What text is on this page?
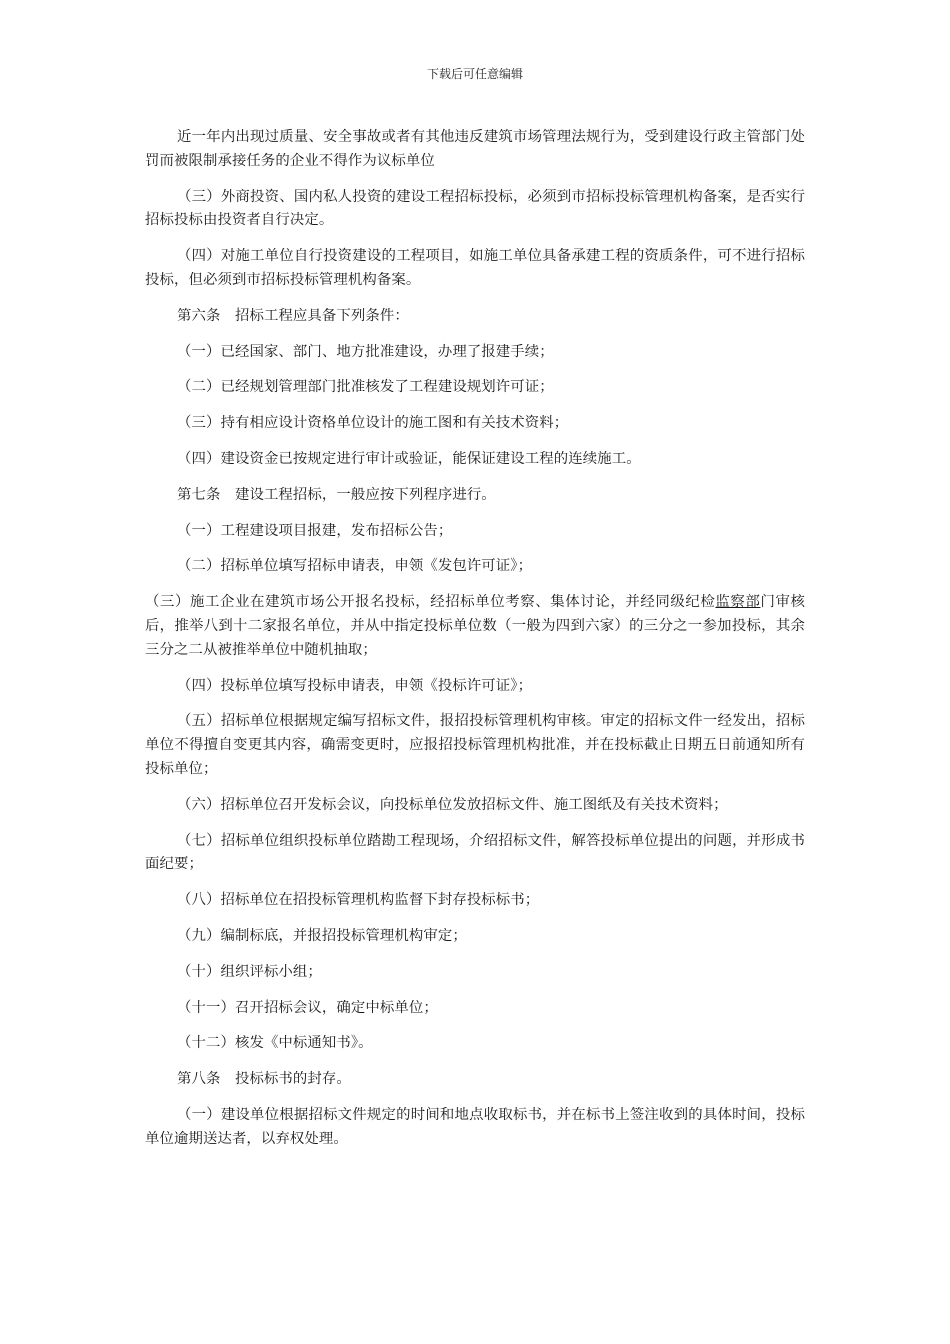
下载后可任意编辑

近一年内出现过质量、安全事故或者有其他违反建筑市场管理法规行为，受到建设行政主管部门处罚而被限制承接任务的企业不得作为议标单位

（三）外商投资、国内私人投资的建设工程招标投标，必须到市招标投标管理机构备案，是否实行招标投标由投资者自行决定。

（四）对施工单位自行投资建设的工程项目，如施工单位具备承建工程的资质条件，可不进行招标投标，但必须到市招标投标管理机构备案。

第六条　招标工程应具备下列条件：

（一）已经国家、部门、地方批准建设，办理了报建手续；

（二）已经规划管理部门批准核发了工程建设规划许可证；

（三）持有相应设计资格单位设计的施工图和有关技术资料；

（四）建设资金已按规定进行审计或验证，能保证建设工程的连续施工。

第七条　建设工程招标，一般应按下列程序进行。

（一）工程建设项目报建，发布招标公告；

（二）招标单位填写招标申请表，申领《发包许可证》；

（三）施工企业在建筑市场公开报名投标，经招标单位考察、集体讨论，并经同级纪检监察部门审核后，推举八到十二家报名单位，并从中指定投标单位数（一般为四到六家）的三分之一参加投标，其余三分之二从被推举单位中随机抽取；

（四）投标单位填写投标申请表，申领《投标许可证》；

（五）招标单位根据规定编写招标文件，报招投标管理机构审核。审定的招标文件一经发出，招标单位不得擅自变更其内容，确需变更时，应报招投标管理机构批准，并在投标截止日期五日前通知所有投标单位；

（六）招标单位召开发标会议，向投标单位发放招标文件、施工图纸及有关技术资料；

（七）招标单位组织投标单位踏勘工程现场，介绍招标文件，解答投标单位提出的问题，并形成书面纪要；

（八）招标单位在招投标管理机构监督下封存投标标书；

（九）编制标底，并报招投标管理机构审定；

（十）组织评标小组；

（十一）召开招标会议，确定中标单位；

（十二）核发《中标通知书》。

第八条　投标标书的封存。

（一）建设单位根据招标文件规定的时间和地点收取标书，并在标书上签注收到的具体时间，投标单位逾期送达者，以弃权处理。
